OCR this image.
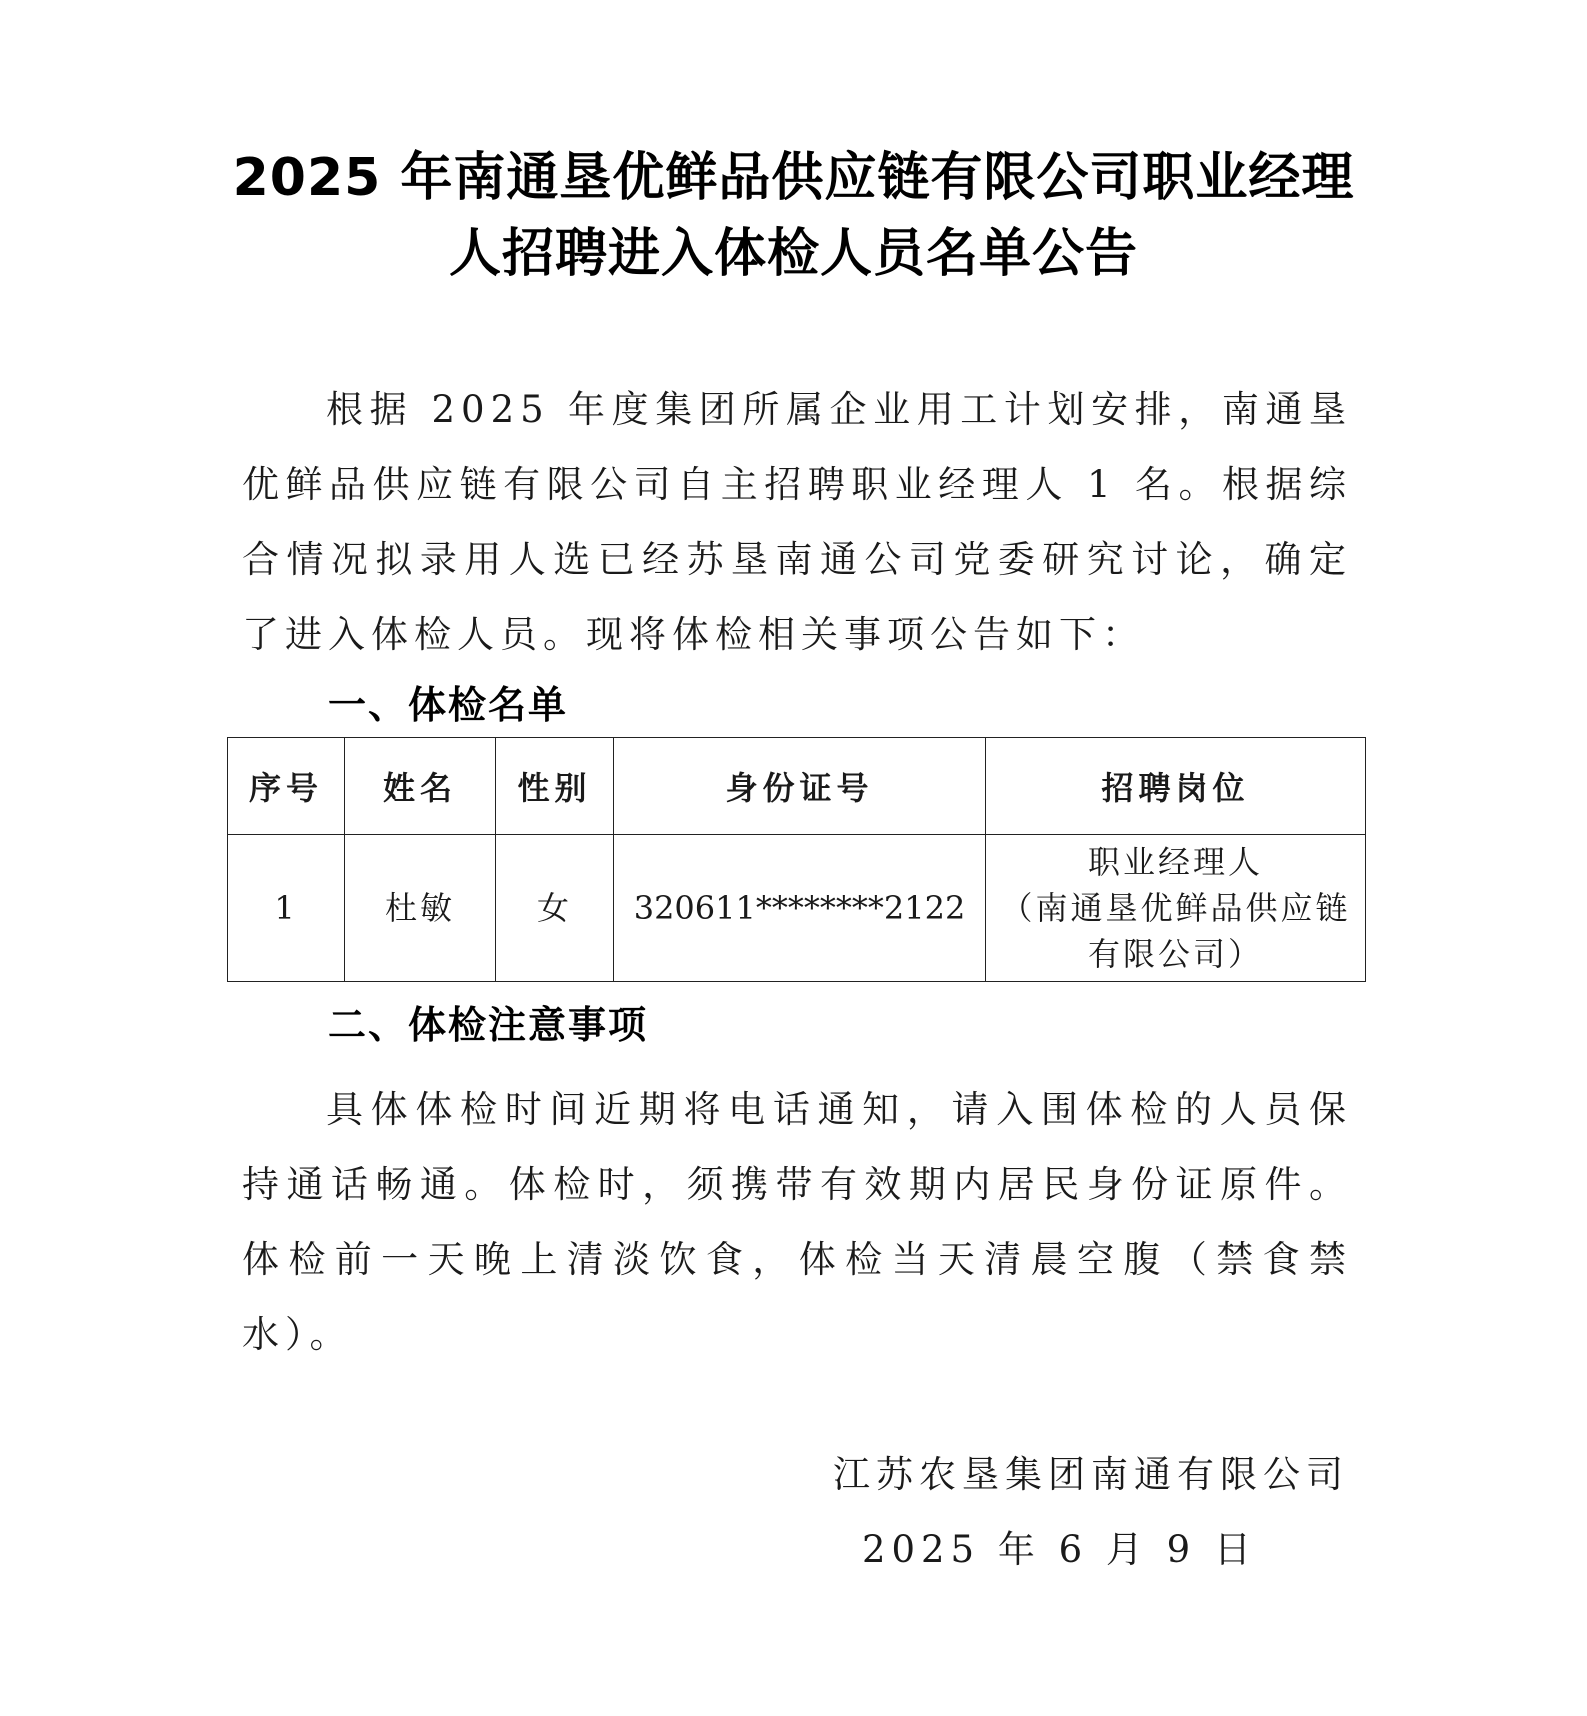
2025 年南通垦优鲜品供应链有限公司职业经理
人招聘进入体检人员名单公告

根据 2025 年度集团所属企业用工计划安排，南通垦优鲜品供应链有限公司自主招聘职业经理人 1 名。根据综合情况拟录用人选已经苏垦南通公司党委研究讨论，确定了进入体检人员。现将体检相关事项公告如下：

一、体检名单
序号	姓名	性别	身份证号	招聘岗位
1	杜敏	女	320611********2122	职业经理人
（南通垦优鲜品供应链
有限公司）
二、体检注意事项

具体体检时间近期将电话通知，请入围体检的人员保持通话畅通。体检时，须携带有效期内居民身份证原件。体检前一天晚上清淡饮食，体检当天清晨空腹（禁食禁水）。

江苏农垦集团南通有限公司
2025 年 6 月 9 日
